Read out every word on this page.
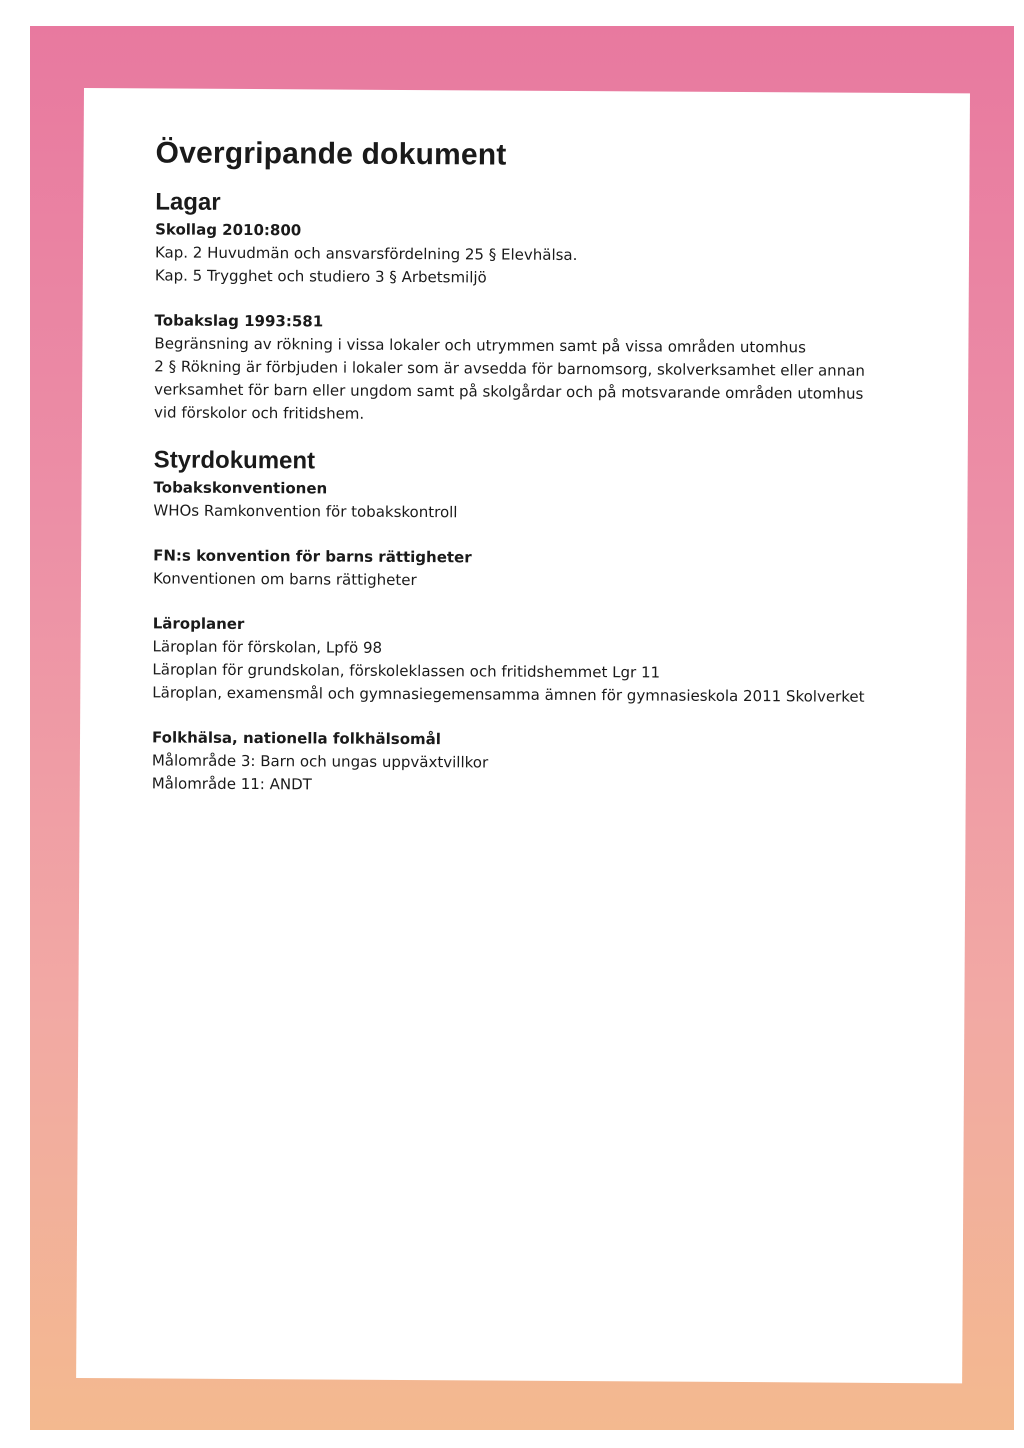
Övergripande dokument
Lagar
Skollag 2010:800
Kap. 2 Huvudmän och ansvarsfördelning 25 § Elevhälsa.
Kap. 5 Trygghet och studiero 3 § Arbetsmiljö
Tobakslag 1993:581
Begränsning av rökning i vissa lokaler och utrymmen samt på vissa områden utomhus
2 § Rökning är förbjuden i lokaler som är avsedda för barnomsorg, skolverksamhet eller annan verksamhet för barn eller ungdom samt på skolgårdar och på motsvarande områden utomhus vid förskolor och fritidshem.
Styrdokument
Tobakskonventionen
WHOs Ramkonvention för tobakskontroll
FN:s konvention för barns rättigheter
Konventionen om barns rättigheter
Läroplaner
Läroplan för förskolan, Lpfö 98
Läroplan för grundskolan, förskoleklassen och fritidshemmet Lgr 11
Läroplan, examensmål och gymnasiegemensamma ämnen för gymnasieskola 2011 Skolverket
Folkhälsa, nationella folkhälsomål
Målområde 3: Barn och ungas uppväxtvillkor
Målområde 11: ANDT
